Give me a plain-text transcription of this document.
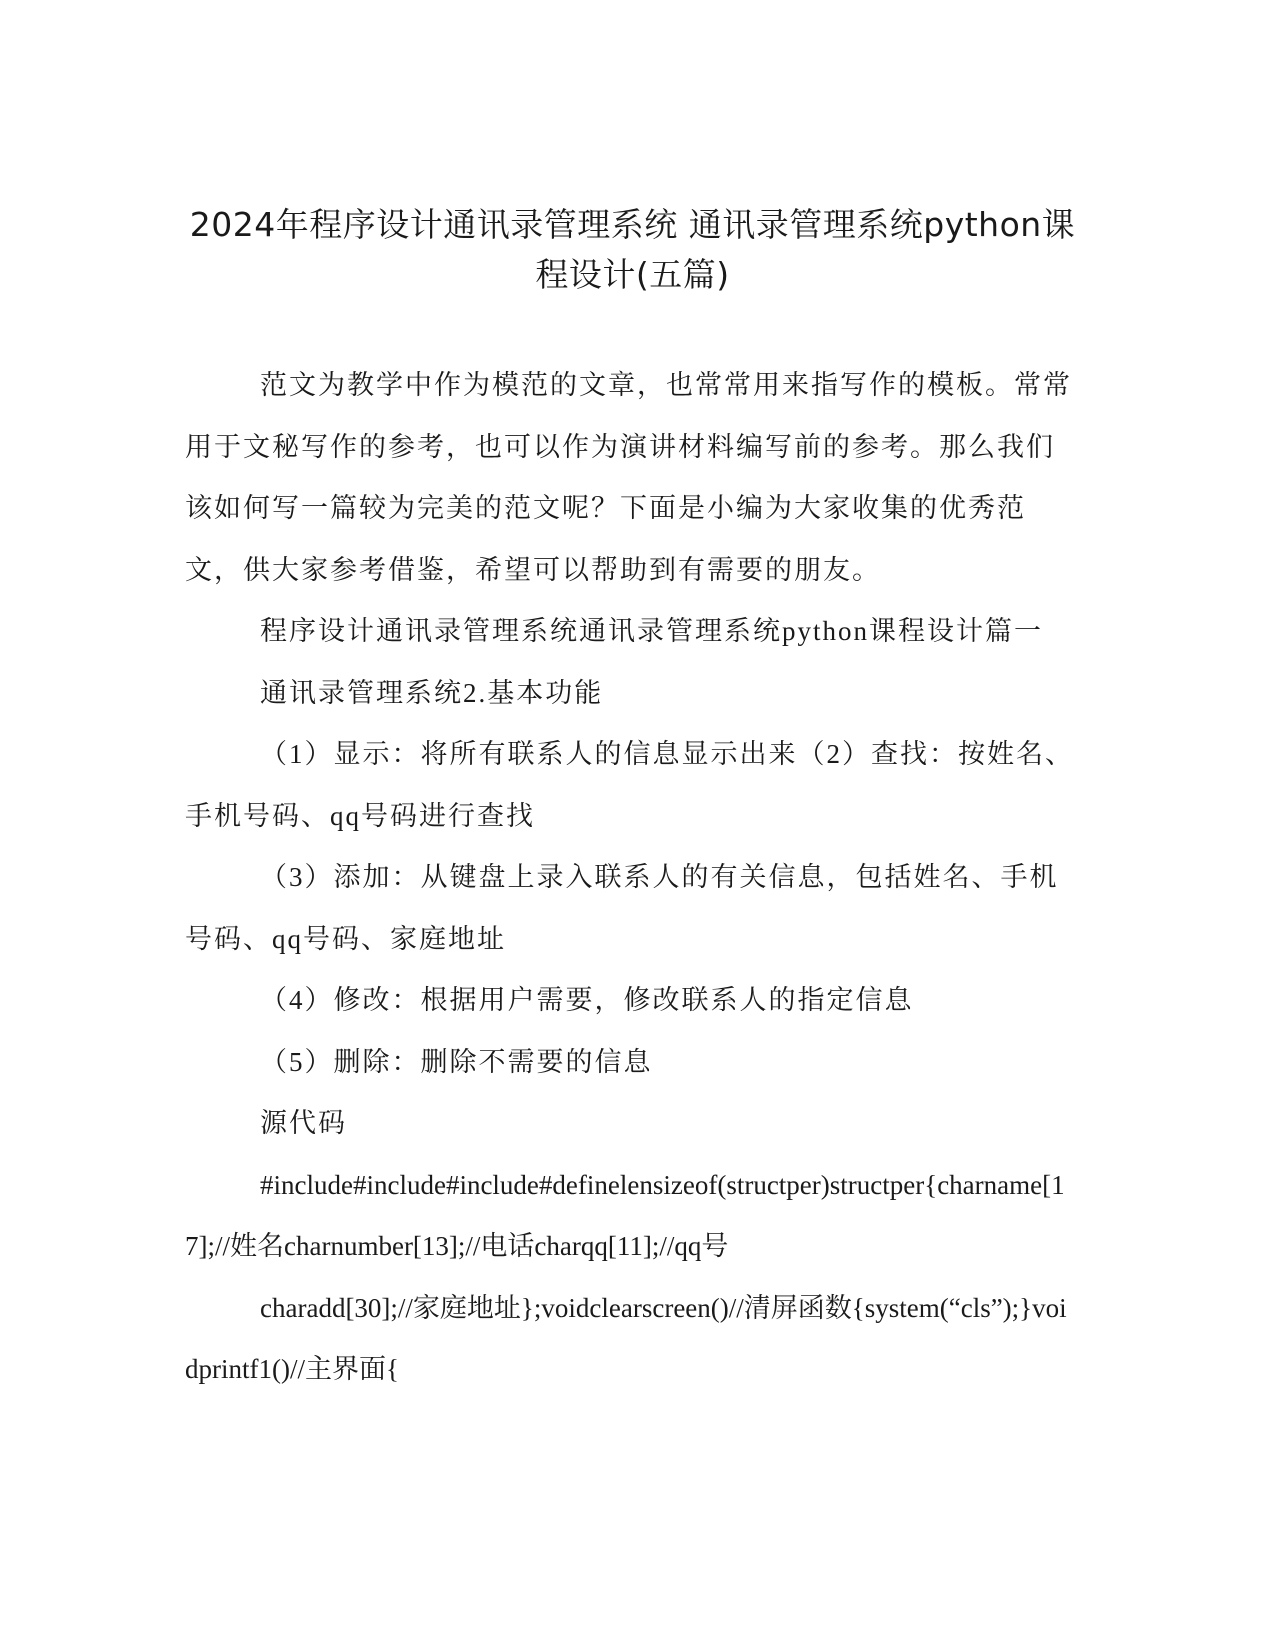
2024年程序设计通讯录管理系统 通讯录管理系统python课程设计(五篇)

范文为教学中作为模范的文章，也常常用来指写作的模板。常常用于文秘写作的参考，也可以作为演讲材料编写前的参考。那么我们该如何写一篇较为完美的范文呢？下面是小编为大家收集的优秀范文，供大家参考借鉴，希望可以帮助到有需要的朋友。

程序设计通讯录管理系统通讯录管理系统python课程设计篇一

通讯录管理系统2.基本功能

（1）显示：将所有联系人的信息显示出来（2）查找：按姓名、手机号码、qq号码进行查找

（3）添加：从键盘上录入联系人的有关信息，包括姓名、手机号码、qq号码、家庭地址

（4）修改：根据用户需要，修改联系人的指定信息

（5）删除：删除不需要的信息

源代码

#include#include#include#definelensizeof(structper)structper{charname[17];//姓名charnumber[13];//电话charqq[11];//qq号

charadd[30];//家庭地址};voidclearscreen()//清屏函数{system(“cls”);}voidprintf1()//主界面{
